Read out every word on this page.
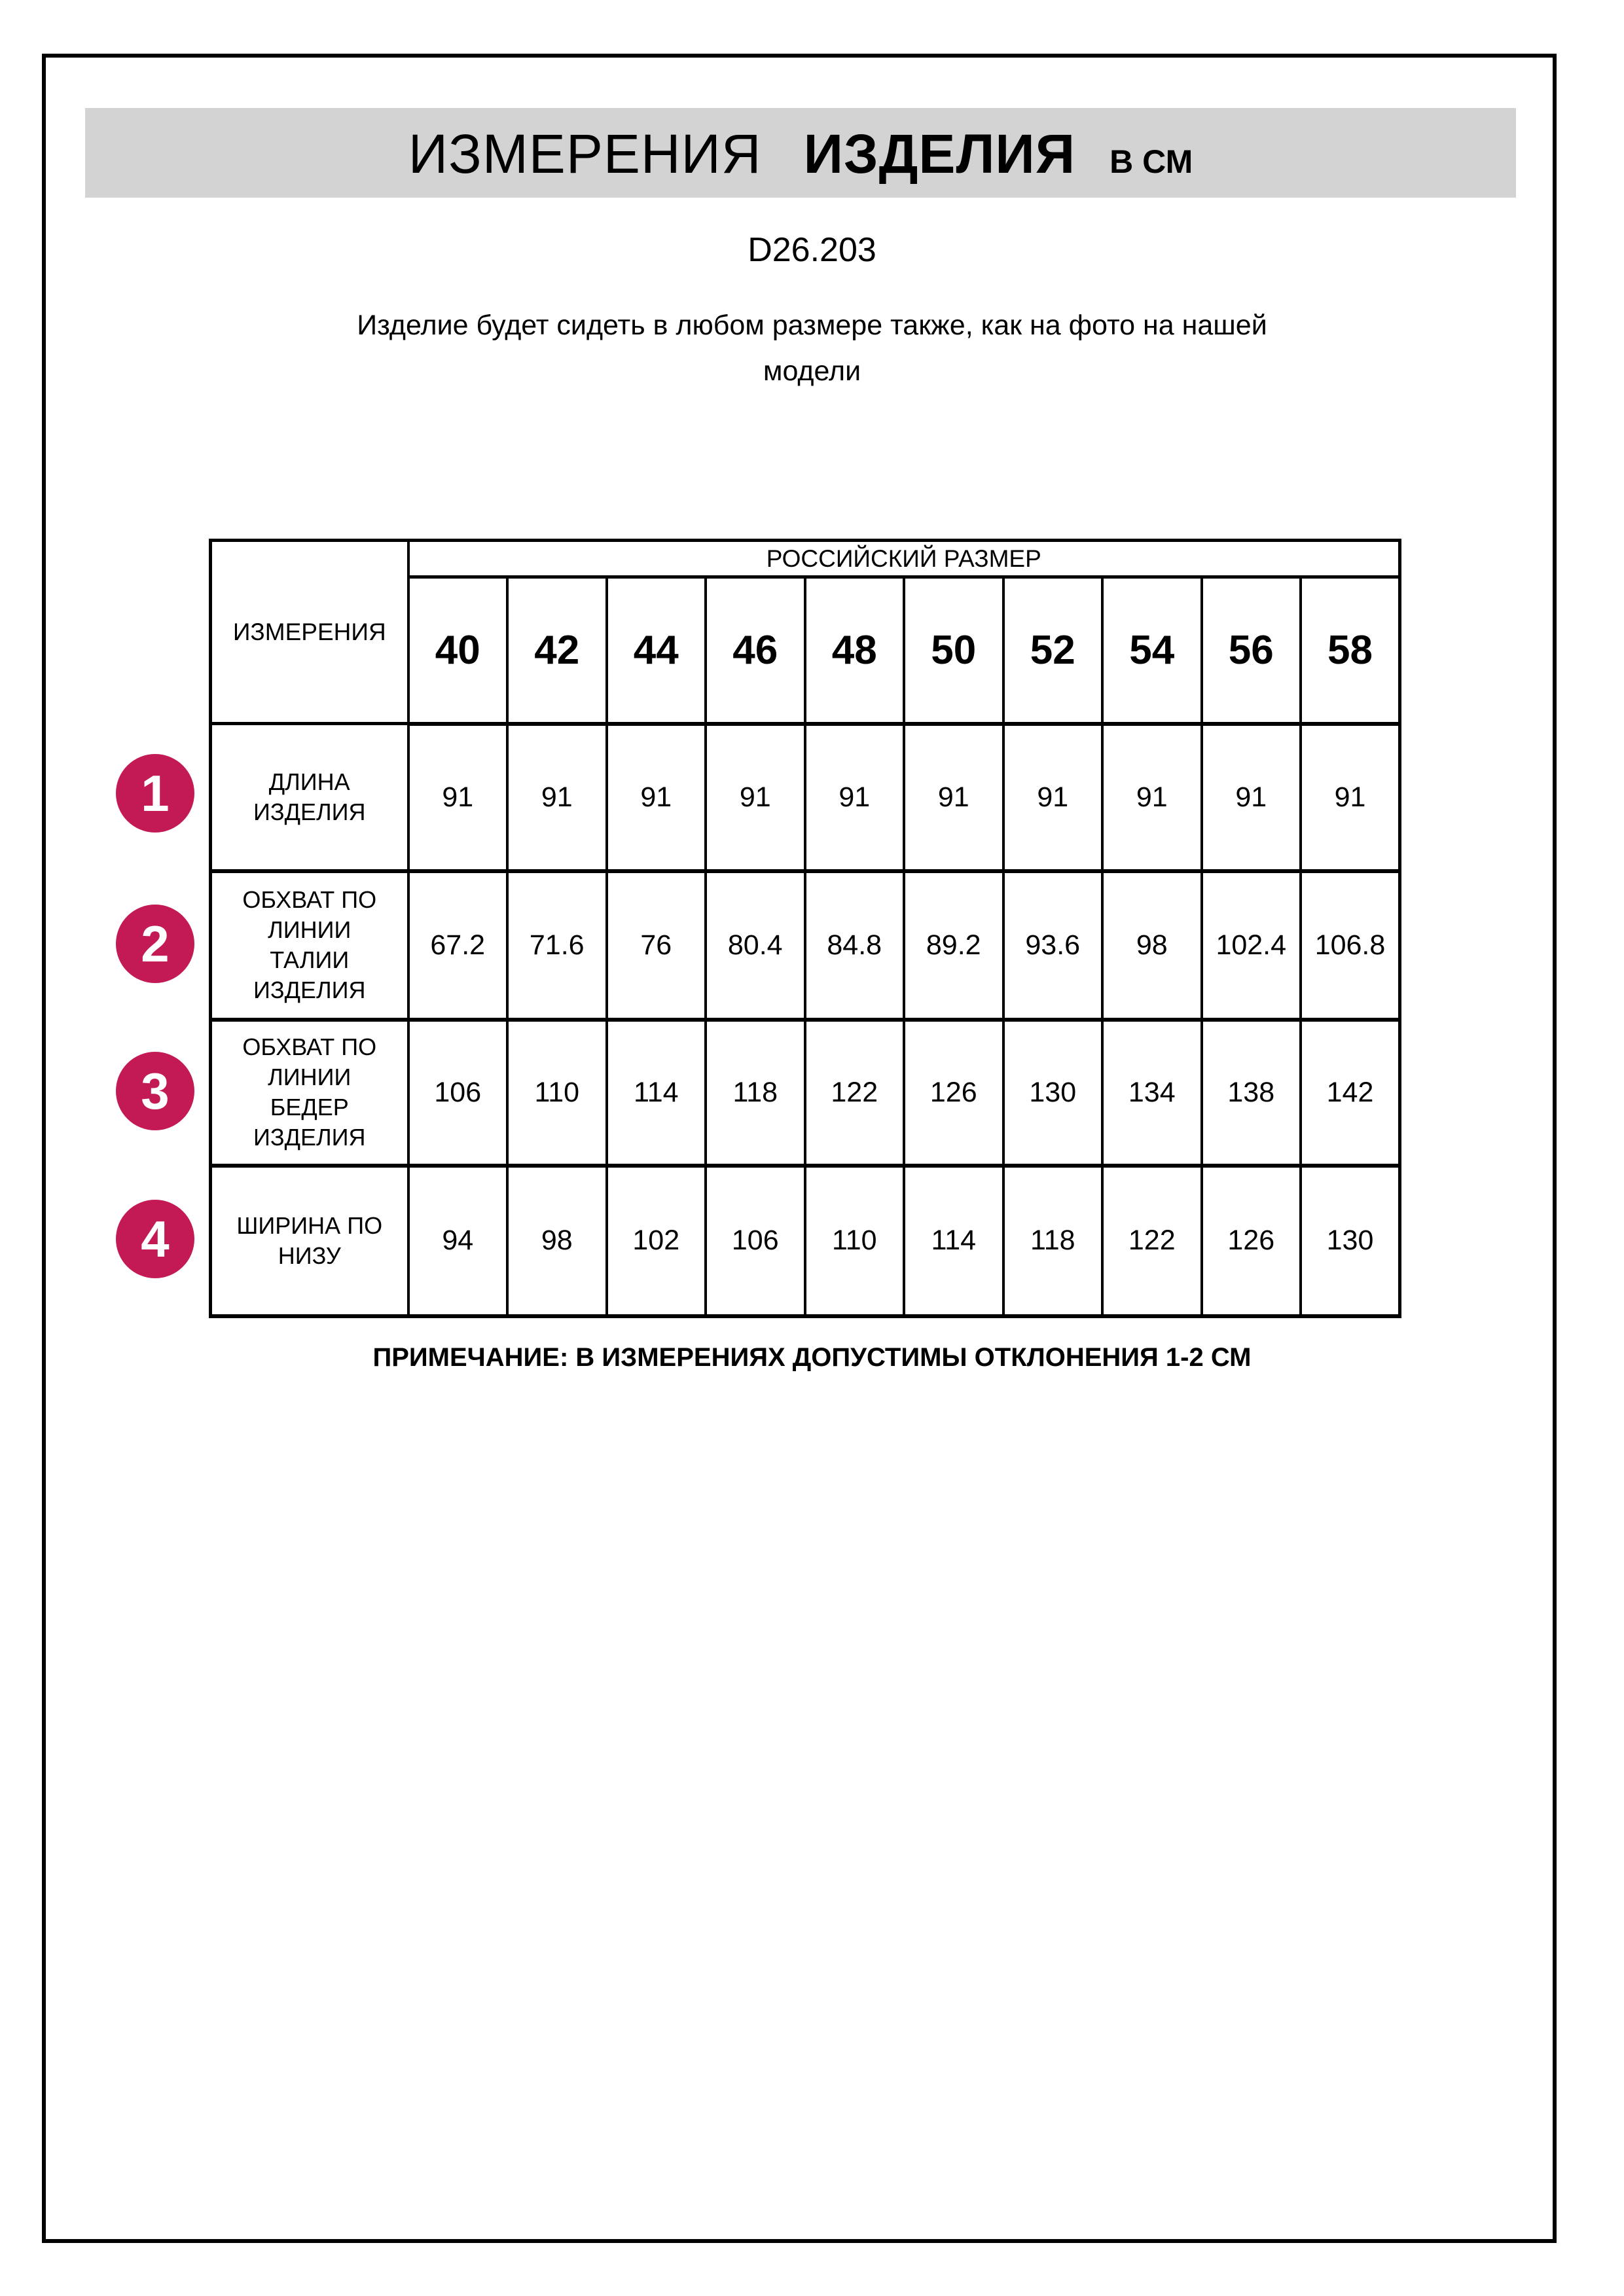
ИЗМЕРЕНИЯ ИЗДЕЛИЯ В СМ
D26.203
Изделие будет сидеть в любом размере также, как на фото на нашей
модели
ИЗМЕРЕНИЯ	РОССИЙСКИЙ РАЗМЕР									
	40	42	44	46	48	50	52	54	56	58

ДЛИНА
ИЗДЕЛИЯ	91	91	91	91	91	91	91	91	91	91

ОБХВАТ ПО
ЛИНИИ
ТАЛИИ
ИЗДЕЛИЯ	67.2	71.6	76	80.4	84.8	89.2	93.6	98	102.4	106.8

ОБХВАТ ПО
ЛИНИИ
БЕДЕР
ИЗДЕЛИЯ	106	110	114	118	122	126	130	134	138	142

ШИРИНА ПО
НИЗУ	94	98	102	106	110	114	118	122	126	130
1
2
3
4
ПРИМЕЧАНИЕ: В ИЗМЕРЕНИЯХ ДОПУСТИМЫ ОТКЛОНЕНИЯ 1-2 СМ
